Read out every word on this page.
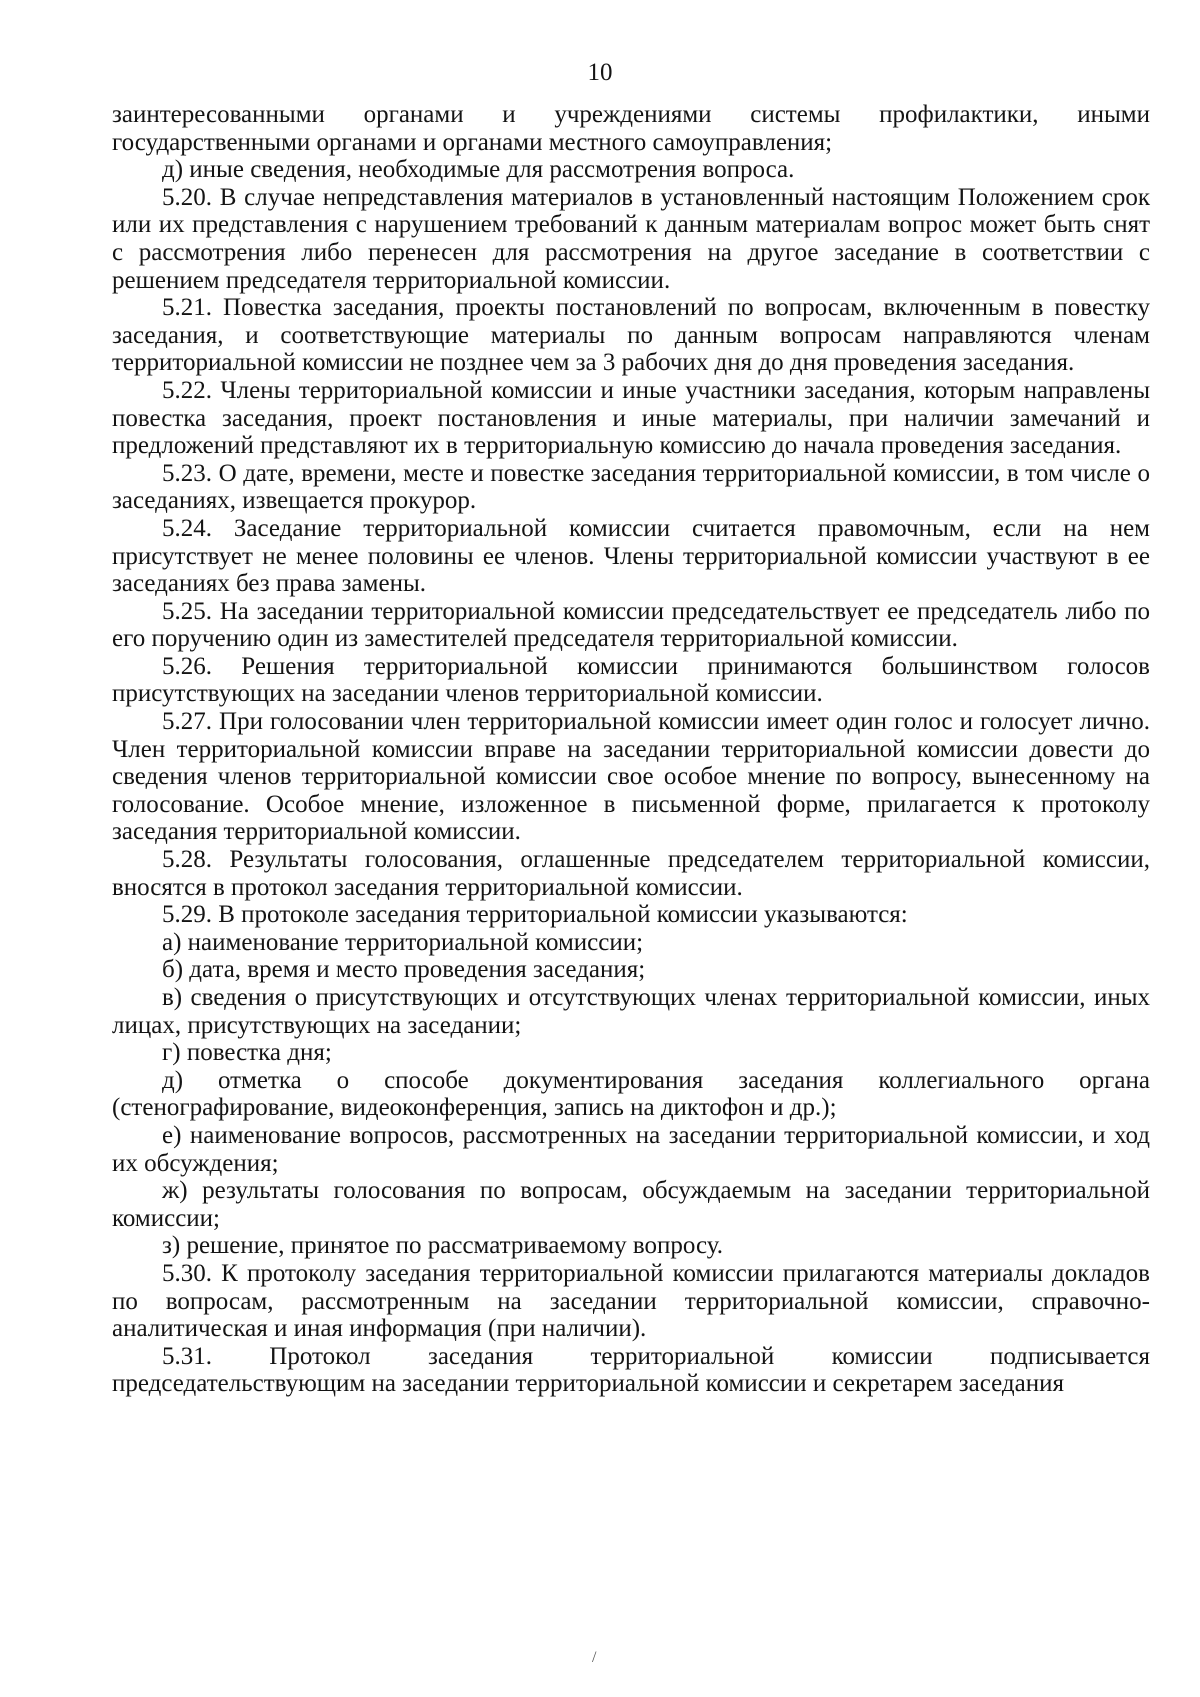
10

заинтересованными органами и учреждениями системы профилактики, иными государственными органами и органами местного самоуправления;

д) иные сведения, необходимые для рассмотрения вопроса.

5.20. В случае непредставления материалов в установленный настоящим Положением срок или их представления с нарушением требований к данным материалам вопрос может быть снят с рассмотрения либо перенесен для рассмотрения на другое заседание в соответствии с решением председателя территориальной комиссии.

5.21. Повестка заседания, проекты постановлений по вопросам, включенным в повестку заседания, и соответствующие материалы по данным вопросам направляются членам территориальной комиссии не позднее чем за 3 рабочих дня до дня проведения заседания.

5.22. Члены территориальной комиссии и иные участники заседания, которым направлены повестка заседания, проект постановления и иные материалы, при наличии замечаний и предложений представляют их в территориальную комиссию до начала проведения заседания.

5.23. О дате, времени, месте и повестке заседания территориальной комиссии, в том числе о заседаниях, извещается прокурор.

5.24. Заседание территориальной комиссии считается правомочным, если на нем присутствует не менее половины ее членов. Члены территориальной комиссии участвуют в ее заседаниях без права замены.

5.25. На заседании территориальной комиссии председательствует ее председатель либо по его поручению один из заместителей председателя территориальной комиссии.

5.26. Решения территориальной комиссии принимаются большинством голосов присутствующих на заседании членов территориальной комиссии.

5.27. При голосовании член территориальной комиссии имеет один голос и голосует лично. Член территориальной комиссии вправе на заседании территориальной комиссии довести до сведения членов территориальной комиссии свое особое мнение по вопросу, вынесенному на голосование. Особое мнение, изложенное в письменной форме, прилагается к протоколу заседания территориальной комиссии.

5.28. Результаты голосования, оглашенные председателем территориальной комиссии, вносятся в протокол заседания территориальной комиссии.

5.29. В протоколе заседания территориальной комиссии указываются:

а) наименование территориальной комиссии;

б) дата, время и место проведения заседания;

в) сведения о присутствующих и отсутствующих членах территориальной комиссии, иных лицах, присутствующих на заседании;

г) повестка дня;

д) отметка о способе документирования заседания коллегиального органа (стенографирование, видеоконференция, запись на диктофон и др.);

е) наименование вопросов, рассмотренных на заседании территориальной комиссии, и ход их обсуждения;

ж) результаты голосования по вопросам, обсуждаемым на заседании территориальной комиссии;

з) решение, принятое по рассматриваемому вопросу.

5.30. К протоколу заседания территориальной комиссии прилагаются материалы докладов по вопросам, рассмотренным на заседании территориальной комиссии, справочно-аналитическая и иная информация (при наличии).

5.31. Протокол заседания территориальной комиссии подписывается председательствующим на заседании территориальной комиссии и секретарем заседания

/
